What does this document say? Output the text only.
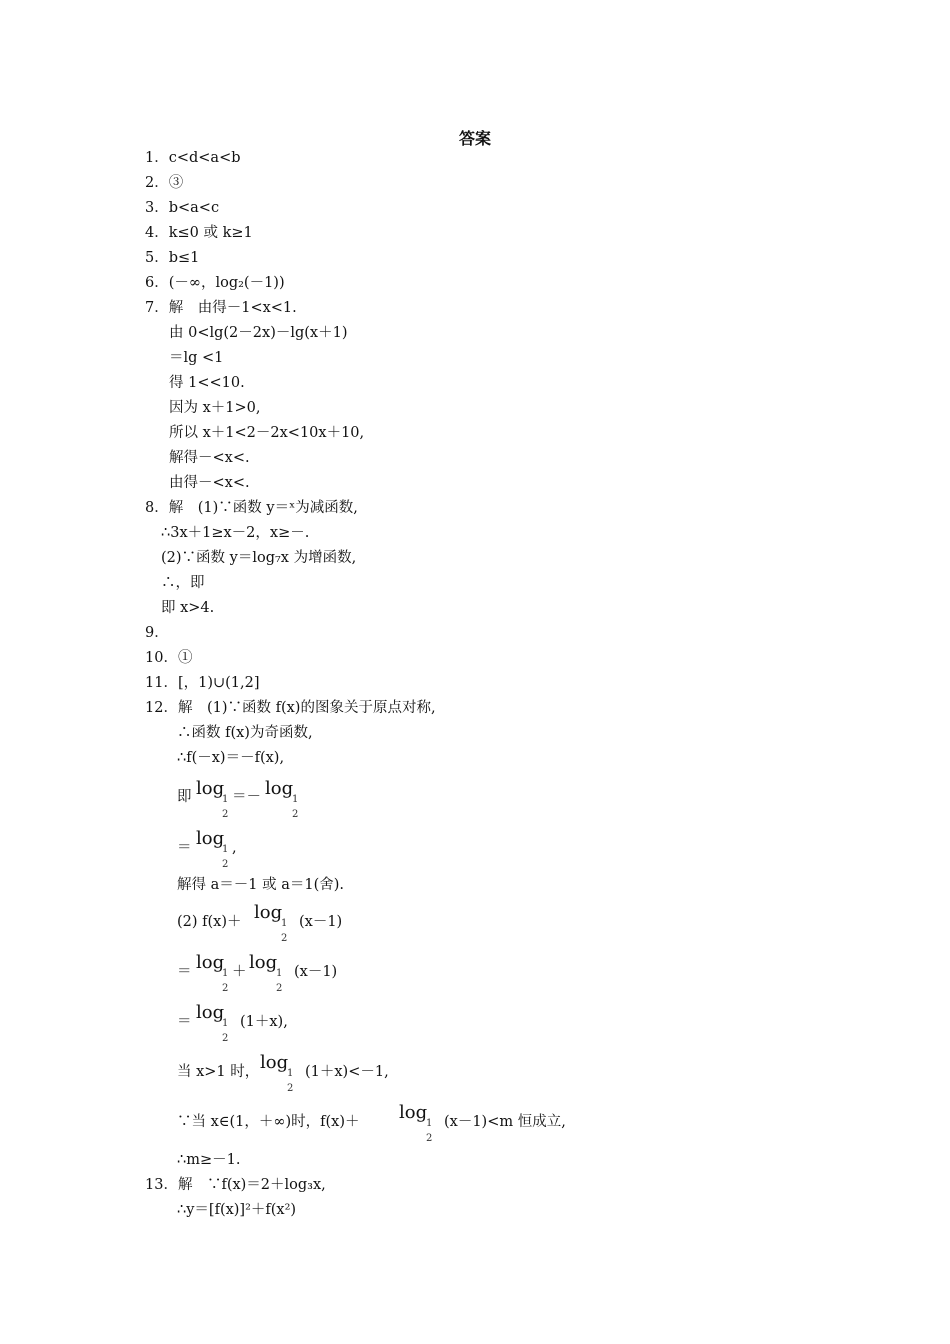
答案
1．c<d<a<b
2．③
3．b<a<c
4．k≤0 或 k≥1
5．b≤1
6．(－∞，log₂(－1))
7．解　由得－1<x<1.
由 0<lg(2－2x)－lg(x＋1)
＝lg <1
得 1<<10.
因为 x＋1>0,
所以 x＋1<2－2x<10x＋10,
解得－<x<.
由得－<x<.
8．解　(1)∵函数 y＝ˣ为减函数,
∴3x＋1≥x－2，x≥－.
(2)∵函数 y＝log₇x 为增函数,
∴，即
即 x>4.
9．
10．①
11．[，1)∪(1,2]
12．解　(1)∵函数 f(x)的图象关于原点对称,
∴函数 f(x)为奇函数,
∴f(－x)＝－f(x),
即 log
1
2
＝－ log
1
2
＝ log
1
2
,
解得 a＝－1 或 a＝1(舍).
(2) f(x)＋ log
1
2
(x－1)
＝ log
1
2
＋ log
1
2
(x－1)
＝ log
1
2
(1＋x),
当 x>1 时， log
1
2
(1＋x)<－1,
∵当 x∈(1，＋∞)时，f(x)＋ log
1
2
(x－1)<m 恒成立,
∴m≥－1.
13．解　∵f(x)＝2＋log₃x,
∴y＝[f(x)]²＋f(x²)
